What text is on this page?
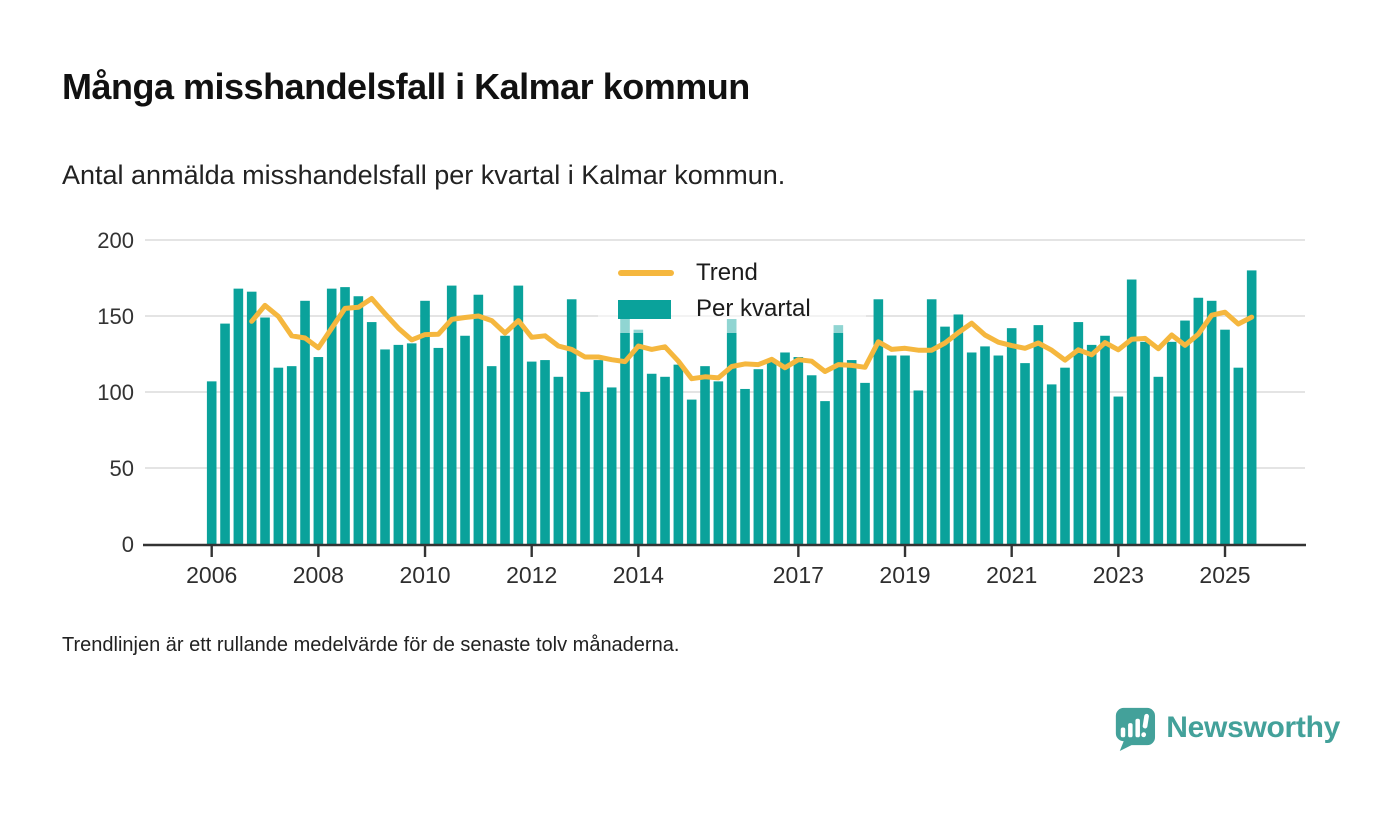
Många misshandelsfall i Kalmar kommun
Antal anmälda misshandelsfall per kvartal i Kalmar kommun.
0
50
100
150
200
2006 2008 2010 2012 2014	2017 2019 2021 2023 2025
Trend
Per kvartal
Trendlinjen är ett rullande medelvärde för de senaste tolv månaderna.
Newsworthy
